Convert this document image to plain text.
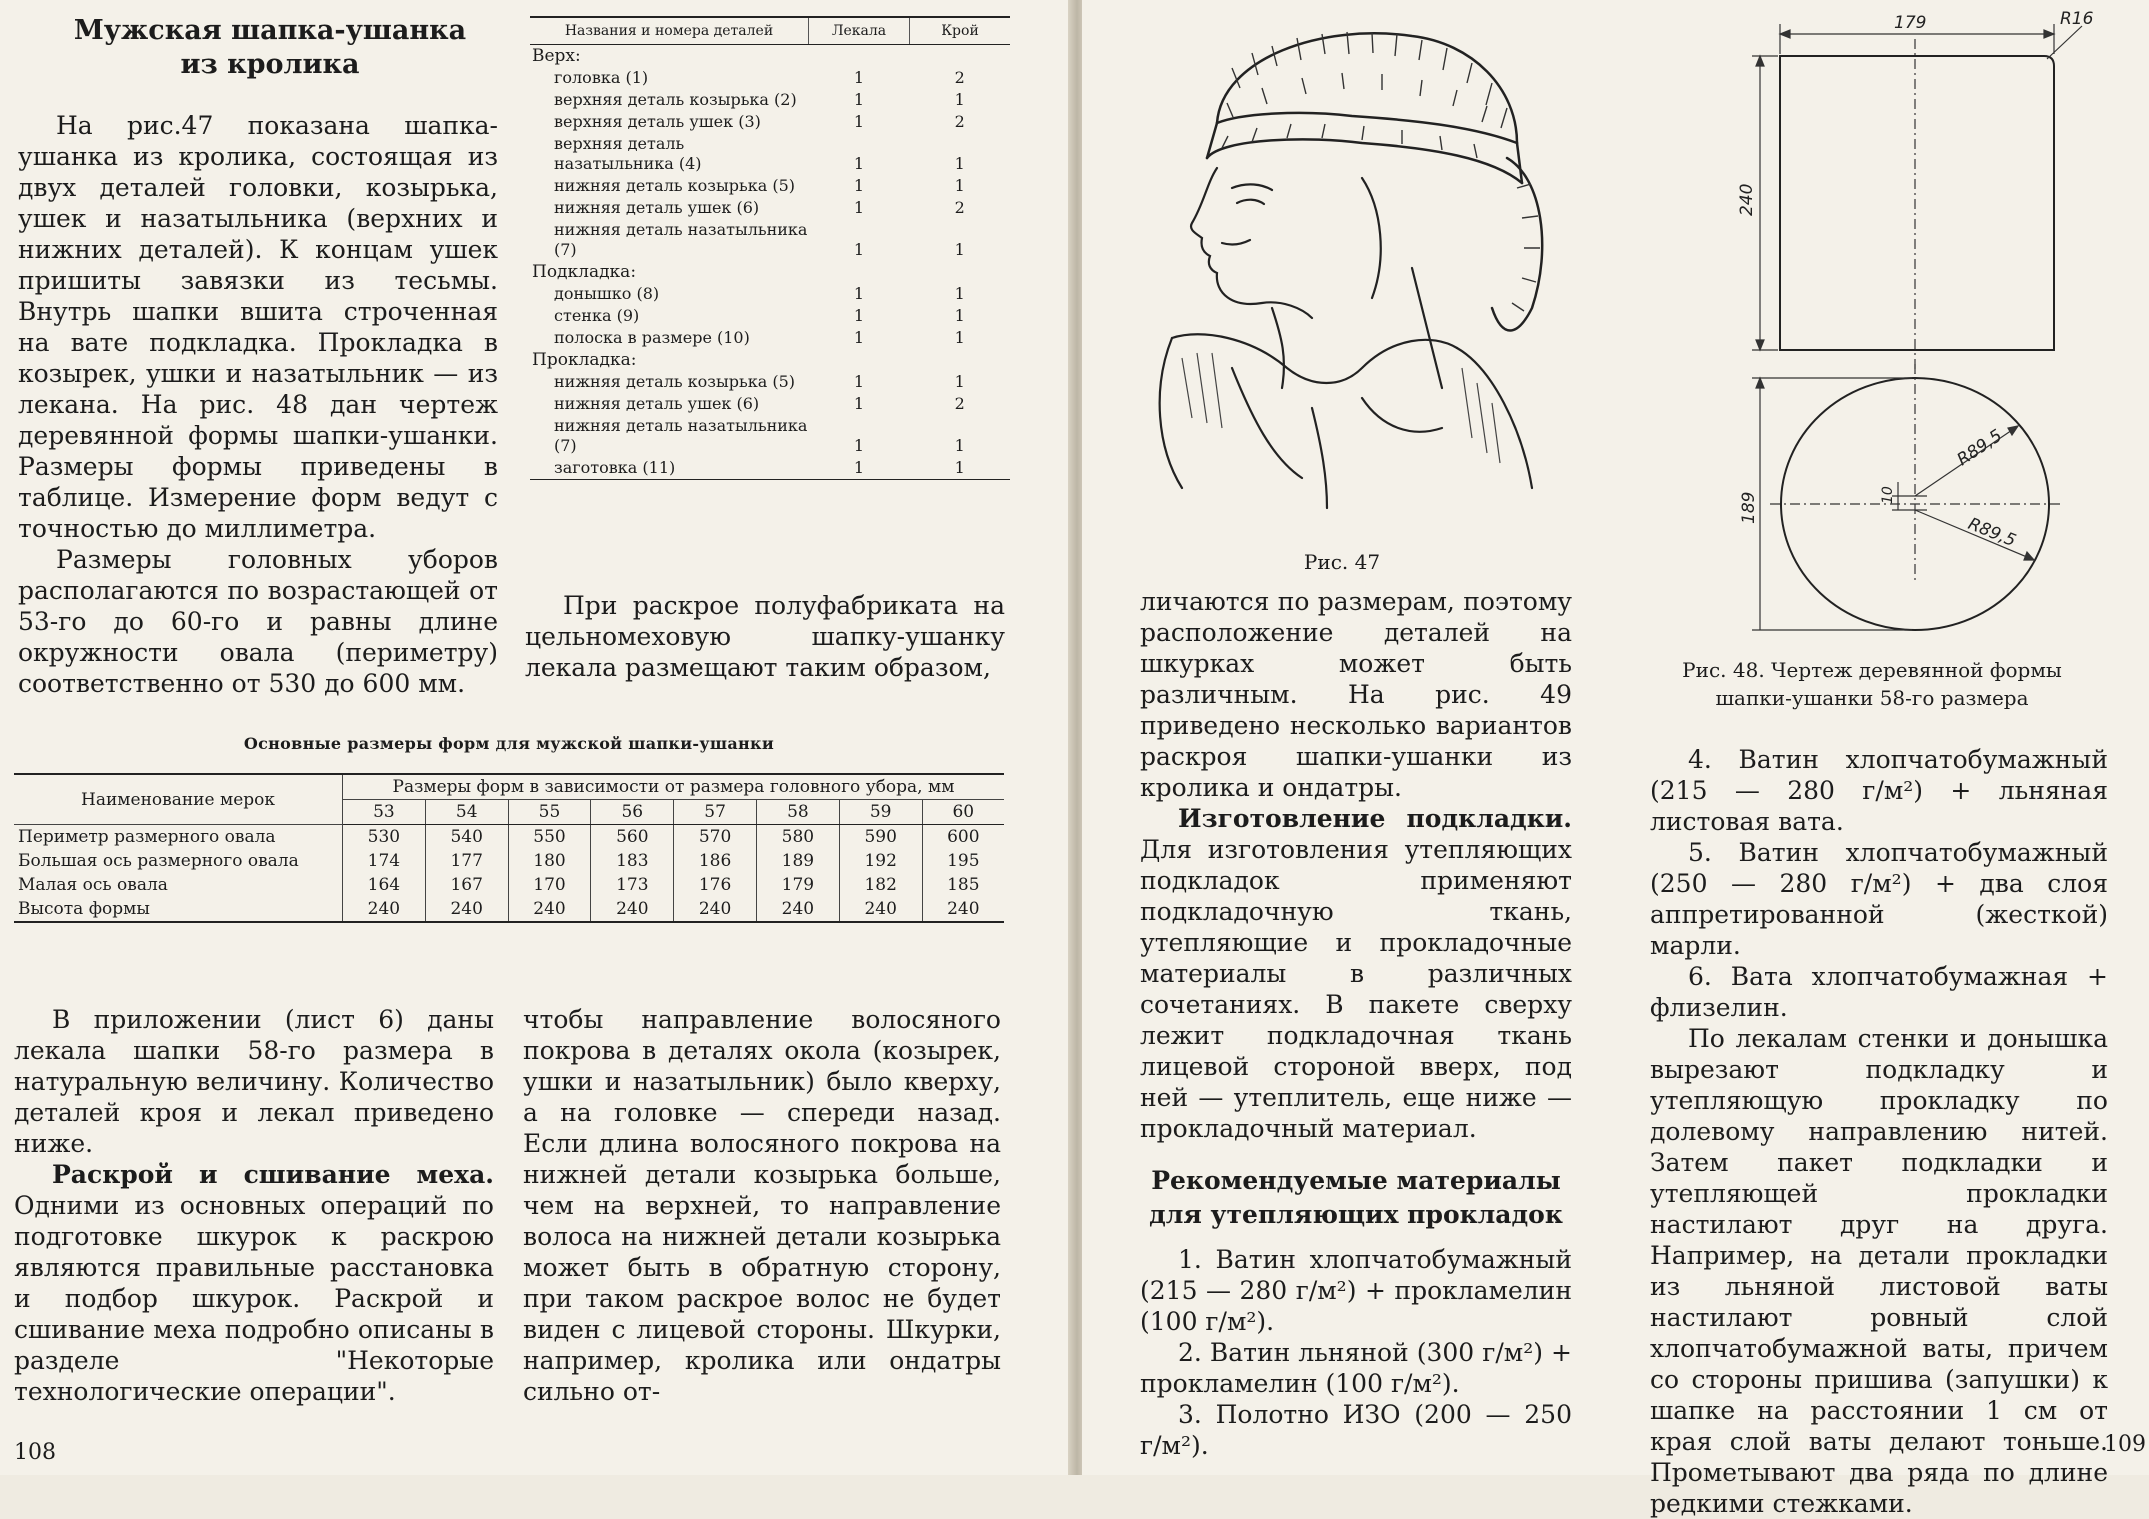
Мужская шапка-ушанка
из кролика

На рис.47 показана шапка-ушанка из кролика, состоящая из двух деталей головки, козырька, ушек и назатыльника (верхних и нижних деталей). К концам ушек пришиты завязки из тесьмы. Внутрь шапки вшита строченная на вате подкладка. Прокладка в козырек, ушки и назатыльник — из лекана. На рис. 48 дан чертеж деревянной формы шапки-ушанки. Размеры формы приведены в таблице. Измерение форм ведут с точностью до миллиметра.

Размеры головных уборов располагаются по возрастающей от 53-го до 60-го и равны длине окружности овала (периметру) соответственно от 530 до 600 мм.

Названия и номера деталей	Лекала	Крой
Верх:		
головка (1)	1	2
верхняя деталь козырька (2)	1	1
верхняя деталь ушек (3)	1	2
верхняя деталь назатыльника (4)	1	1
нижняя деталь козырька (5)	1	1
нижняя деталь ушек (6)	1	2
нижняя деталь назатыльника (7)	1	1
Подкладка:		
донышко (8)	1	1
стенка (9)	1	1
полоска в размере (10)	1	1
Прокладка:		
нижняя деталь козырька (5)	1	1
нижняя деталь ушек (6)	1	2
нижняя деталь назатыльника (7)	1	1
заготовка (11)	1	1

При раскрое полуфабриката на цельномеховую шапку-ушанку лекала размещают таким образом,

Основные размеры форм для мужской шапки-ушанки
Наименование мерок	Размеры форм в зависимости от размера головного убора, мм							
	53	54	55	56	57	58	59	60
Периметр размерного овала	530	540	550	560	570	580	590	600
Большая ось размерного овала	174	177	180	183	186	189	192	195
Малая ось овала	164	167	170	173	176	179	182	185
Высота формы	240	240	240	240	240	240	240	240

В приложении (лист 6) даны лекала шапки 58-го размера в натуральную величину. Количество деталей кроя и лекал приведено ниже.

Раскрой и сшивание меха. Одними из основных операций по подготовке шкурок к раскрою являются правильные расстановка и подбор шкурок. Раскрой и сшивание меха подробно описаны в разделе "Некоторые технологические операции".

чтобы направление волосяного покрова в деталях окола (козырек, ушки и назатыльник) было кверху, а на головке — спереди назад. Если длина волосяного покрова на нижней детали козырька больше, чем на верхней, то направление волоса на нижней детали козырька может быть в обратную сторону, при таком раскрое волос не будет виден с лицевой стороны. Шкурки, например, кролика или ондатры сильно от-

108
Рис. 47

личаются по размерам, поэтому расположение деталей на шкурках может быть различным. На рис. 49 приведено несколько вариантов раскроя шапки-ушанки из кролика и ондатры.

Изготовление подкладки. Для изготовления утепляющих подкладок применяют подкладочную ткань, утепляющие и прокладочные материалы в различных сочетаниях. В пакете сверху лежит подкладочная ткань лицевой стороной вверх, под ней — утеплитель, еще ниже — прокладочный материал.

Рекомендуемые материалы
для утепляющих прокладок

1. Ватин хлопчатобумажный (215 — 280 г/м²) + прокламелин (100 г/м²).

2. Ватин льняной (300 г/м²) + прокламелин (100 г/м²).

3. Полотно ИЗО (200 — 250 г/м²).

179	R16
240
189	10
R89,5
R89,5
Рис. 48. Чертеж деревянной формы
шапки-ушанки 58-го размера

4. Ватин хлопчатобумажный (215 — 280 г/м²) + льняная листовая вата.

5. Ватин хлопчатобумажный (250 — 280 г/м²) + два слоя аппретированной (жесткой) марли.

6. Вата хлопчатобумажная + флизелин.

По лекалам стенки и донышка вырезают подкладку и утепляющую прокладку по долевому направлению нитей. Затем пакет подкладки и утепляющей прокладки настилают друг на друга. Например, на детали прокладки из льняной листовой ваты настилают ровный слой хлопчатобумажной ваты, причем со стороны пришива (запушки) к шапке на расстоянии 1 см от края слой ваты делают тоньше. Прометывают два ряда по длине редкими стежками.

109
